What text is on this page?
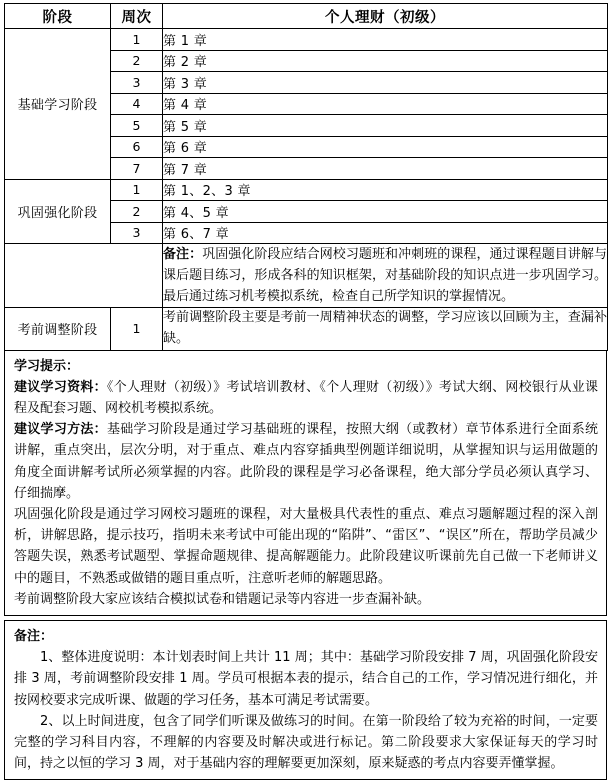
阶段	周次	个人理财（初级）
基础学习阶段	1	第 1 章
	2	第 2 章
	3	第 3 章
	4	第 4 章
	5	第 5 章
	6	第 6 章
	7	第 7 章
巩固强化阶段	1	第 1、2、3 章
	2	第 4、5 章
	3	第 6、7 章
		备注：巩固强化阶段应结合网校习题班和冲刺班的课程，通过课程题目讲解与课后题目练习，形成各科的知识框架，对基础阶段的知识点进一步巩固学习。最后通过练习机考模拟系统，检查自己所学知识的掌握情况。
考前调整阶段	1	考前调整阶段主要是考前一周精神状态的调整，学习应该以回顾为主，查漏补缺。

学习提示：

建议学习资料：《个人理财（初级）》考试培训教材、《个人理财（初级）》考试大纲、网校银行从业课程及配套习题、网校机考模拟系统。

建议学习方法：基础学习阶段是通过学习基础班的课程，按照大纲（或教材）章节体系进行全面系统讲解，重点突出，层次分明，对于重点、难点内容穿插典型例题详细说明，从掌握知识与运用做题的角度全面讲解考试所必须掌握的内容。此阶段的课程是学习必备课程，绝大部分学员必须认真学习、仔细揣摩。

巩固强化阶段是通过学习网校习题班的课程，对大量极具代表性的重点、难点习题解题过程的深入剖析，讲解思路，提示技巧，指明未来考试中可能出现的“陷阱”、“雷区”、“误区”所在，帮助学员减少答题失误，熟悉考试题型、掌握命题规律、提高解题能力。此阶段建议听课前先自己做一下老师讲义中的题目，不熟悉或做错的题目重点听，注意听老师的解题思路。

考前调整阶段大家应该结合模拟试卷和错题记录等内容进一步查漏补缺。

备注：

1、整体进度说明：本计划表时间上共计 11 周；其中：基础学习阶段安排 7 周，巩固强化阶段安排 3 周，考前调整阶段安排 1 周。学员可根据本表的提示，结合自己的工作，学习情况进行细化，并按网校要求完成听课、做题的学习任务，基本可满足考试需要。

2、以上时间进度，包含了同学们听课及做练习的时间。在第一阶段给了较为充裕的时间，一定要完整的学习科目内容，不理解的内容要及时解决或进行标记。第二阶段要求大家保证每天的学习时间，持之以恒的学习 3 周，对于基础内容的理解要更加深刻，原来疑惑的考点内容要弄懂掌握。
